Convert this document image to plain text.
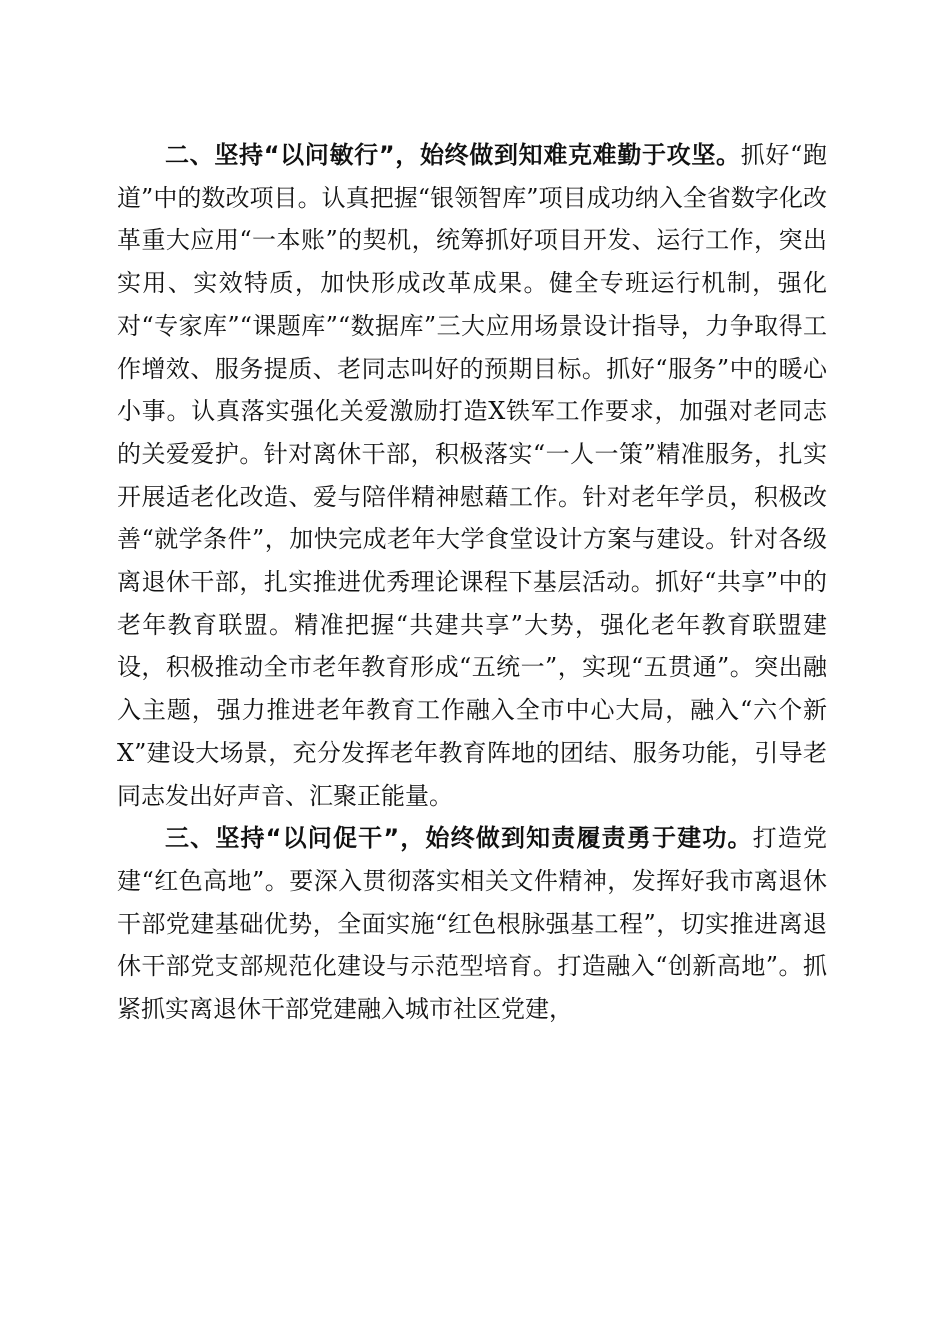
二、坚持“以问敏行”，始终做到知难克难勤于攻坚。抓好“跑道”中的数改项目。认真把握“银领智库”项目成功纳入全省数字化改革重大应用“一本账”的契机，统筹抓好项目开发、运行工作，突出实用、实效特质，加快形成改革成果。健全专班运行机制，强化对“专家库”“课题库”“数据库”三大应用场景设计指导，力争取得工作增效、服务提质、老同志叫好的预期目标。抓好“服务”中的暖心小事。认真落实强化关爱激励打造X铁军工作要求，加强对老同志的关爱爱护。针对离休干部，积极落实“一人一策”精准服务，扎实开展适老化改造、爱与陪伴精神慰藉工作。针对老年学员，积极改善“就学条件”，加快完成老年大学食堂设计方案与建设。针对各级离退休干部，扎实推进优秀理论课程下基层活动。抓好“共享”中的老年教育联盟。精准把握“共建共享”大势，强化老年教育联盟建设，积极推动全市老年教育形成“五统一”，实现“五贯通”。突出融入主题，强力推进老年教育工作融入全市中心大局，融入“六个新X”建设大场景，充分发挥老年教育阵地的团结、服务功能，引导老同志发出好声音、汇聚正能量。

三、坚持“以问促干”，始终做到知责履责勇于建功。打造党建“红色高地”。要深入贯彻落实相关文件精神，发挥好我市离退休干部党建基础优势，全面实施“红色根脉强基工程”，切实推进离退休干部党支部规范化建设与示范型培育。打造融入“创新高地”。抓紧抓实离退休干部党建融入城市社区党建，
